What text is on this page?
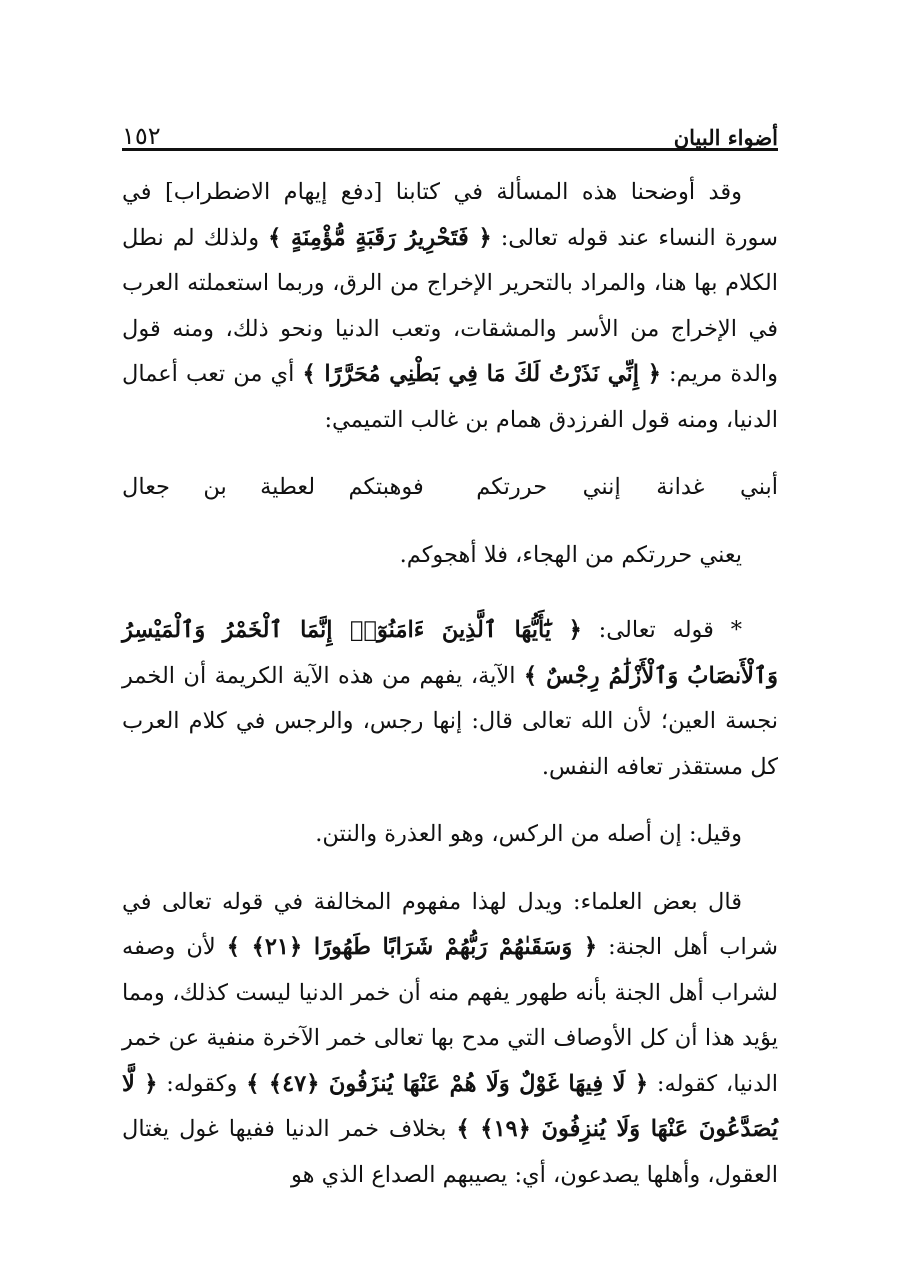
١٥٢	أضواء البيان

وقد أوضحنا هذه المسألة في كتابنا [دفع إيهام الاضطراب] في سورة النساء عند قوله تعالى: ﴿ فَتَحْرِيرُ رَقَبَةٍ مُّؤْمِنَةٍ ﴾ ولذلك لم نطل الكلام بها هنا، والمراد بالتحرير الإخراج من الرق، وربما استعملته العرب في الإخراج من الأسر والمشقات، وتعب الدنيا ونحو ذلك، ومنه قول والدة مريم: ﴿ إِنِّي نَذَرْتُ لَكَ مَا فِي بَطْنِي مُحَرَّرًا ﴾ أي من تعب أعمال الدنيا، ومنه قول الفرزدق همام بن غالب التميمي:

أبني غدانة إنني حررتكم
فوهبتكم لعطية بن جعال

يعني حررتكم من الهجاء، فلا أهجوكم.

* قوله تعالى: ﴿ يَٰٓأَيُّهَا ٱلَّذِينَ ءَامَنُوٓا۟ إِنَّمَا ٱلْخَمْرُ وَٱلْمَيْسِرُ وَٱلْأَنصَابُ وَٱلْأَزْلَٰمُ رِجْسٌ ﴾ الآية، يفهم من هذه الآية الكريمة أن الخمر نجسة العين؛ لأن الله تعالى قال: إنها رجس، والرجس في كلام العرب كل مستقذر تعافه النفس.

وقيل: إن أصله من الركس، وهو العذرة والنتن.

قال بعض العلماء: ويدل لهذا مفهوم المخالفة في قوله تعالى في شراب أهل الجنة: ﴿ وَسَقَىٰهُمْ رَبُّهُمْ شَرَابًا طَهُورًا ﴿٢١﴾ ﴾ لأن وصفه لشراب أهل الجنة بأنه طهور يفهم منه أن خمر الدنيا ليست كذلك، ومما يؤيد هذا أن كل الأوصاف التي مدح بها تعالى خمر الآخرة منفية عن خمر الدنيا، كقوله: ﴿ لَا فِيهَا غَوْلٌ وَلَا هُمْ عَنْهَا يُنزَفُونَ ﴿٤٧﴾ ﴾ وكقوله: ﴿ لَّا يُصَدَّعُونَ عَنْهَا وَلَا يُنزِفُونَ ﴿١٩﴾ ﴾ بخلاف خمر الدنيا ففيها غول يغتال العقول، وأهلها يصدعون، أي: يصيبهم الصداع الذي هو
